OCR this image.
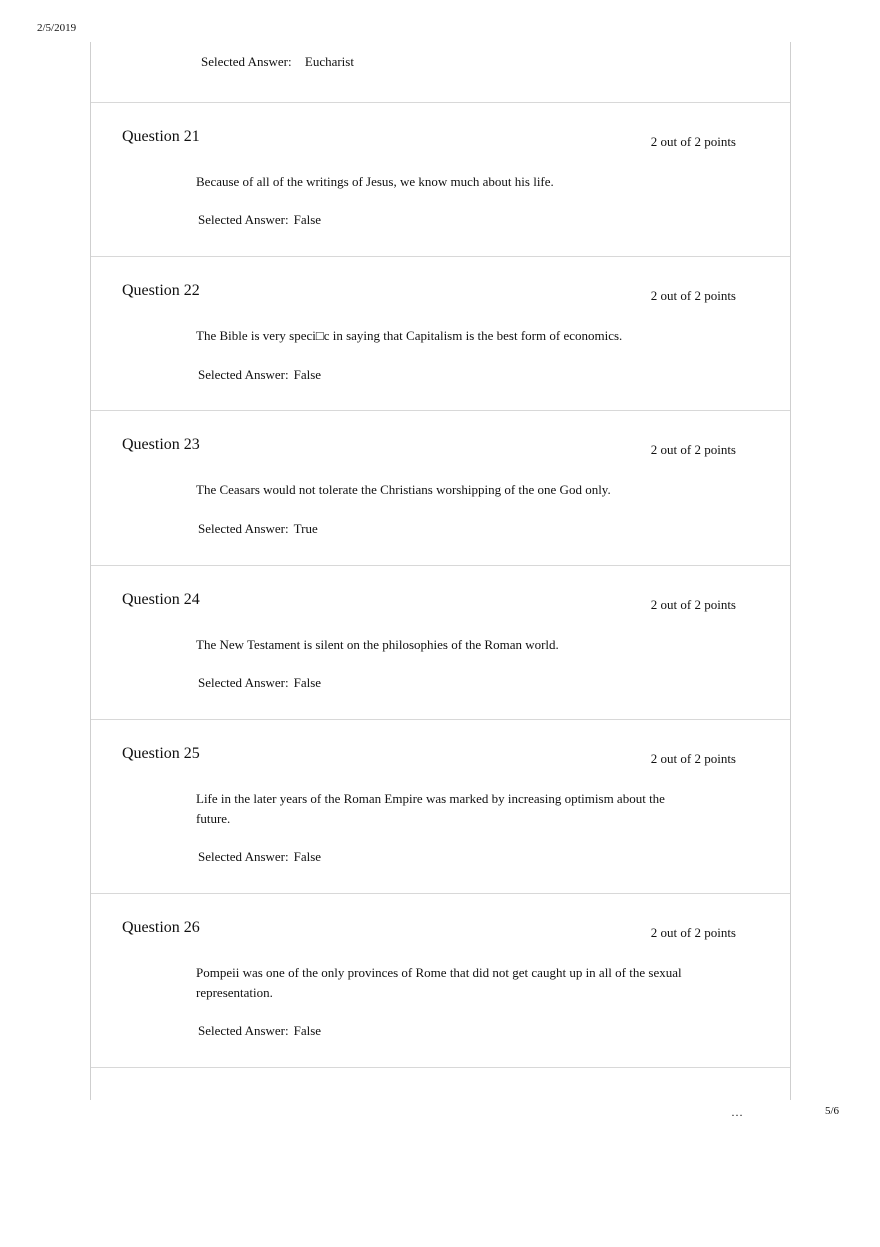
2/5/2019
Selected Answer: Eucharist
Question 21	2 out of 2 points
Because of all of the writings of Jesus, we know much about his life.
Selected Answer: False
Question 22	2 out of 2 points
The Bible is very speci□c in saying that Capitalism is the best form of economics.
Selected Answer: False
Question 23	2 out of 2 points
The Ceasars would not tolerate the Christians worshipping of the one God only.
Selected Answer: True
Question 24	2 out of 2 points
The New Testament is silent on the philosophies of the Roman world.
Selected Answer: False
Question 25	2 out of 2 points
Life in the later years of the Roman Empire was marked by increasing optimism about the future.
Selected Answer: False
Question 26	2 out of 2 points
Pompeii was one of the only provinces of Rome that did not get caught up in all of the sexual representation.
Selected Answer: False
…	5/6
